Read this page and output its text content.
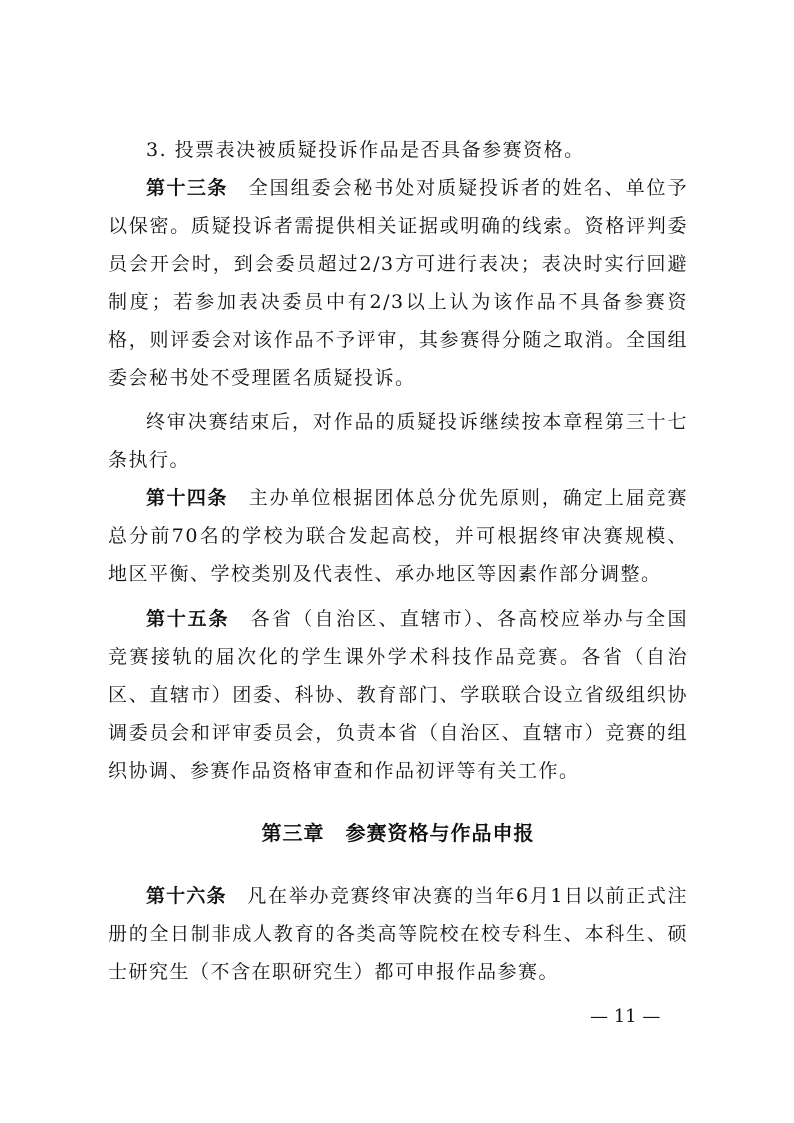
3. 投票表决被质疑投诉作品是否具备参赛资格。

第十三条　全国组委会秘书处对质疑投诉者的姓名、单位予以保密。质疑投诉者需提供相关证据或明确的线索。资格评判委员会开会时，到会委员超过2/3方可进行表决；表决时实行回避制度；若参加表决委员中有2/3以上认为该作品不具备参赛资格，则评委会对该作品不予评审，其参赛得分随之取消。全国组委会秘书处不受理匿名质疑投诉。

终审决赛结束后，对作品的质疑投诉继续按本章程第三十七条执行。

第十四条　主办单位根据团体总分优先原则，确定上届竞赛总分前70名的学校为联合发起高校，并可根据终审决赛规模、地区平衡、学校类别及代表性、承办地区等因素作部分调整。

第十五条　各省（自治区、直辖市）、各高校应举办与全国竞赛接轨的届次化的学生课外学术科技作品竞赛。各省（自治区、直辖市）团委、科协、教育部门、学联联合设立省级组织协调委员会和评审委员会，负责本省（自治区、直辖市）竞赛的组织协调、参赛作品资格审查和作品初评等有关工作。

第三章　参赛资格与作品申报

第十六条　凡在举办竞赛终审决赛的当年6月1日以前正式注册的全日制非成人教育的各类高等院校在校专科生、本科生、硕士研究生（不含在职研究生）都可申报作品参赛。

— 11 —
